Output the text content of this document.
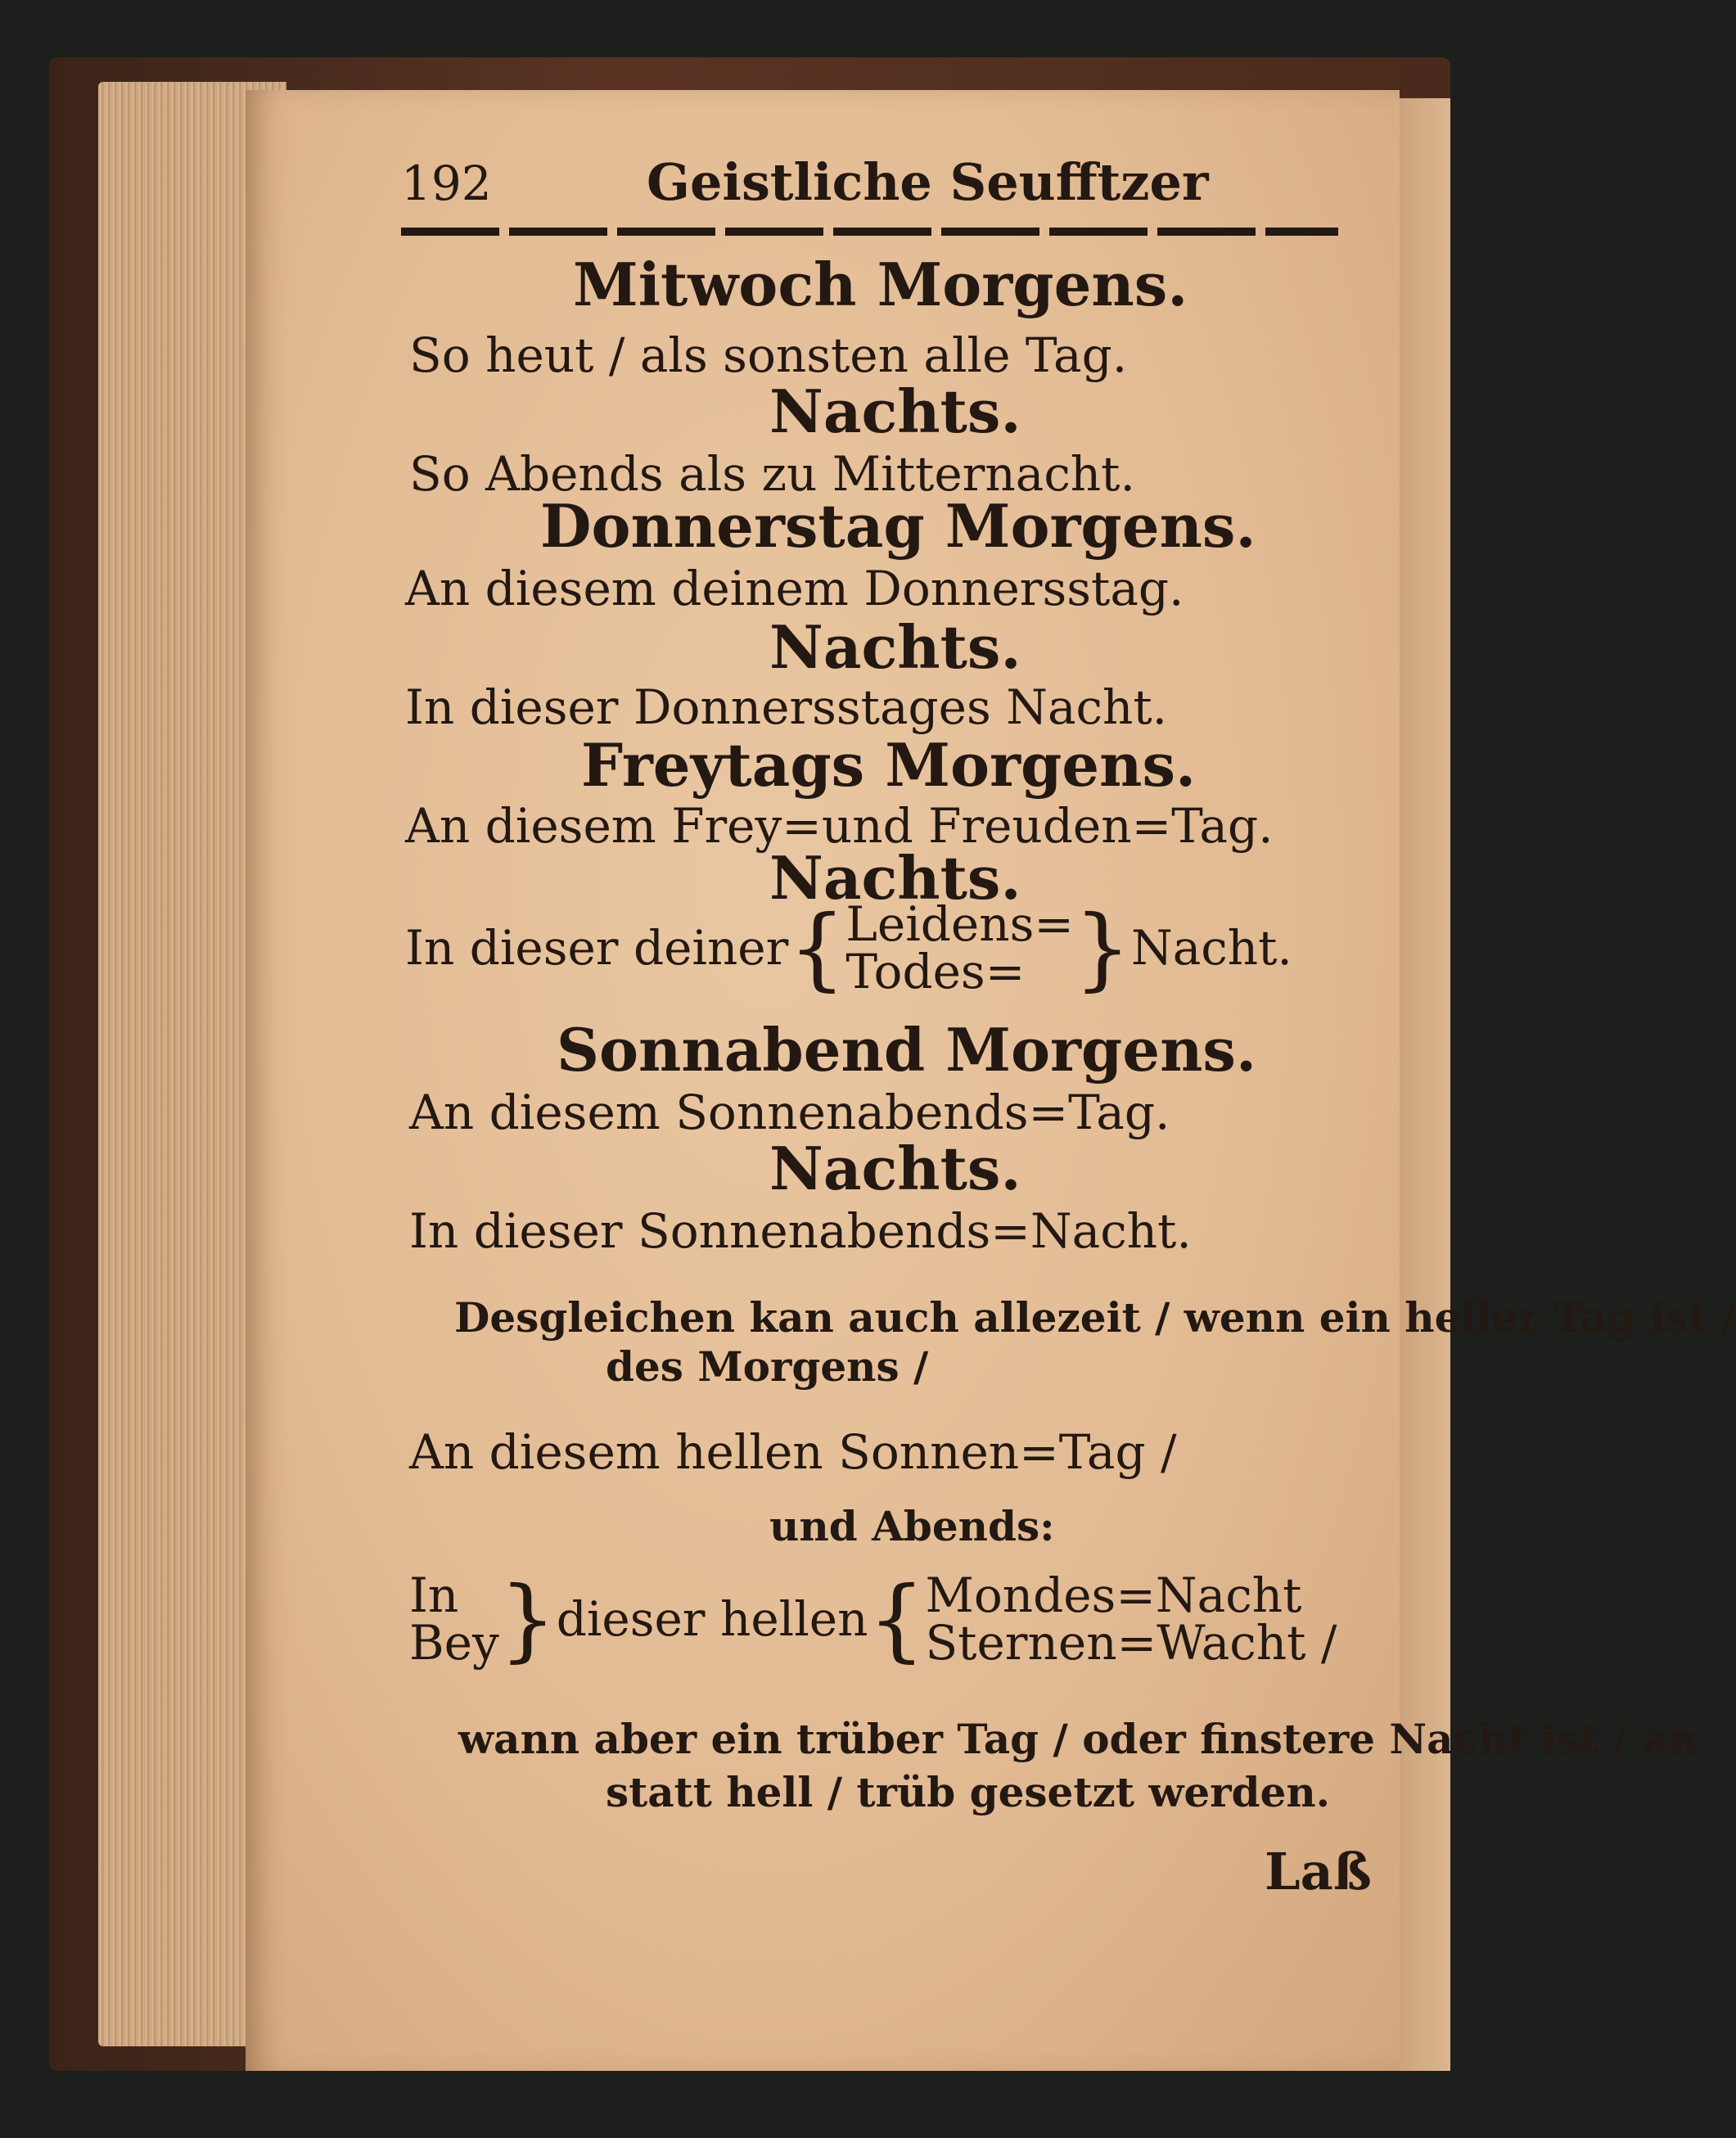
192	Geistliche Seufftzer
Mitwoch Morgens.
So heut / als sonsten alle Tag.
Nachts.
So Abends als zu Mitternacht.
Donnerstag Morgens.
An diesem deinem Donnersstag.
Nachts.
In dieser Donnersstages Nacht.
Freytags Morgens.
An diesem Frey=und Freuden=Tag.
Nachts.
In dieser deiner { Leidens=
Todes= } Nacht.
Sonnabend Morgens.
An diesem Sonnenabends=Tag.
Nachts.
In dieser Sonnenabends=Nacht.
Desgleichen kan auch allezeit / wenn ein heller Tag ist /
des Morgens /
An diesem hellen Sonnen=Tag /
und Abends:
In
Bey } dieser hellen { Mondes=Nacht
Sternen=Wacht /
wann aber ein trüber Tag / oder finstere Nacht ist / an
statt hell / trüb gesetzt werden.
Laß
